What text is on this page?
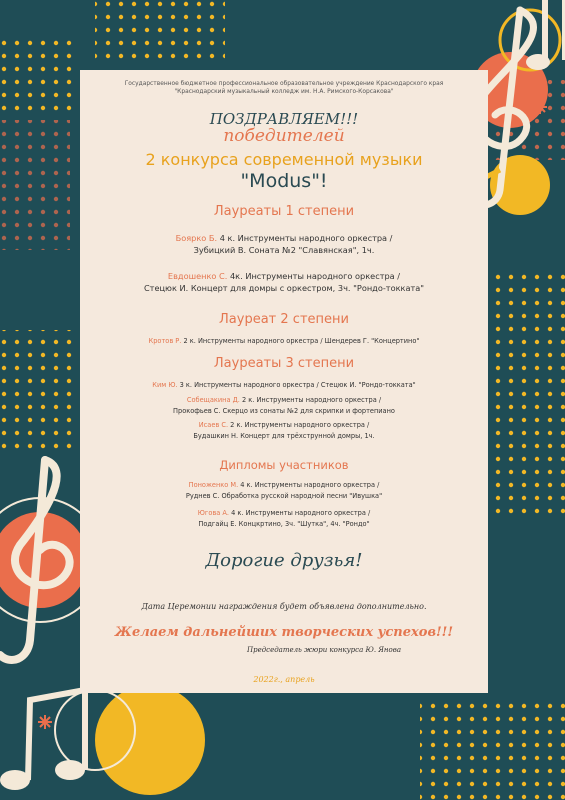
Государственное бюджетное профессиональное образовательное учреждение Краснодарского края
"Краснодарский музыкальный колледж им. Н.А. Римского-Корсакова"
ПОЗДРАВЛЯЕМ!!!
победителей
2 конкурса современной музыки
"Modus"!
Лауреаты 1 степени
Боярко Б. 4 к. Инструменты народного оркестра /
Зубицкий В. Соната №2 "Славянская", 1ч.
Евдошенко С. 4к. Инструменты народного оркестра /
Стецюк И. Концерт для домры с оркестром, 3ч. "Рондо-токката"
Лауреат 2 степени
Кротов Р. 2 к. Инструменты народного оркестра / Шендерев Г. "Концертино"
Лауреаты 3 степени
Ким Ю. 3 к. Инструменты народного оркестра / Стецюк И. "Рондо-токката"
Собещакина Д. 2 к. Инструменты народного оркестра /
Прокофьев С. Скерцо из сонаты №2 для скрипки и фортепиано
Исаев С. 2 к. Инструменты народного оркестра /
Будашкин Н. Концерт для трёхструнной домры, 1ч.
Дипломы участников
Поноженко М. 4 к. Инструменты народного оркестра /
Руднев С. Обработка русской народной песни "Ивушка"
Югова А. 4 к. Инструменты народного оркестра /
Подгайц Е. Концкртино, 3ч. "Шутка", 4ч. "Рондо"
Дорогие друзья!
Дата Церемонии награждения будет объявлена дополнительно.
Желаем дальнейших творческих успехов!!!
Председатель жюри конкурса Ю. Янова
2022г., апрель
